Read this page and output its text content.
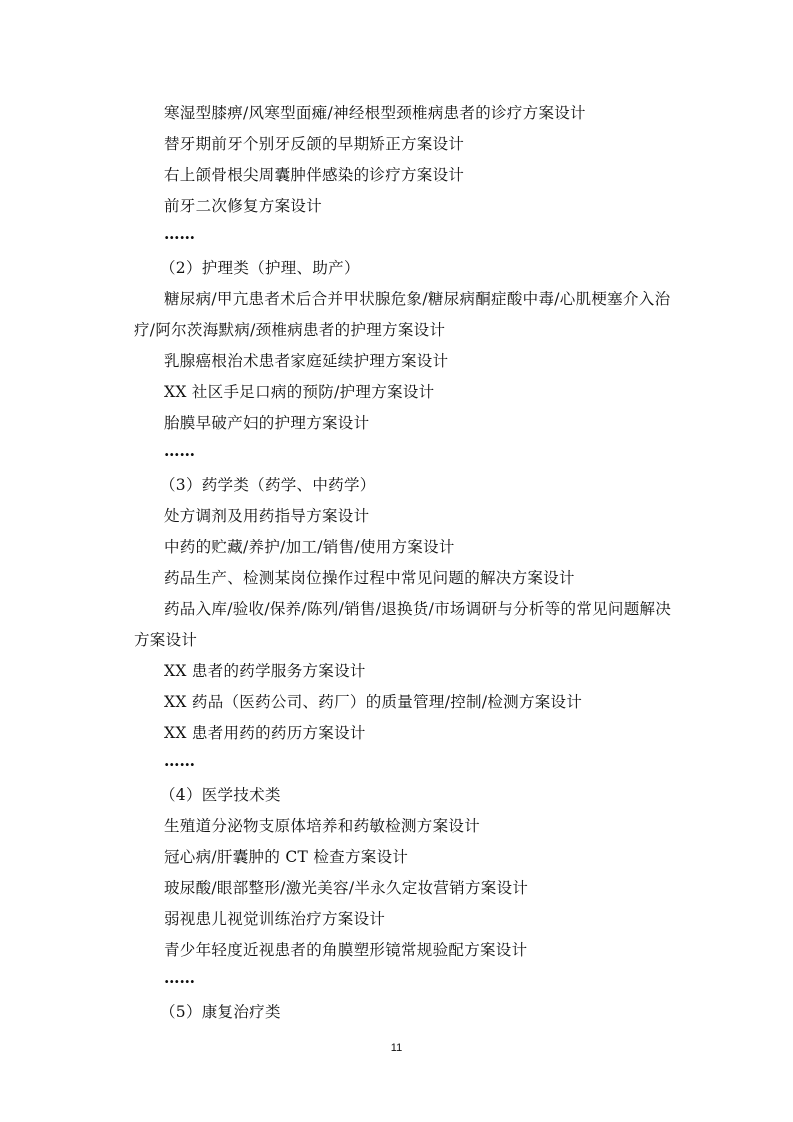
寒湿型膝痹/风寒型面瘫/神经根型颈椎病患者的诊疗方案设计
替牙期前牙个别牙反颌的早期矫正方案设计
右上颌骨根尖周囊肿伴感染的诊疗方案设计
前牙二次修复方案设计
……
（2）护理类（护理、助产）
糖尿病/甲亢患者术后合并甲状腺危象/糖尿病酮症酸中毒/心肌梗塞介入治
疗/阿尔茨海默病/颈椎病患者的护理方案设计
乳腺癌根治术患者家庭延续护理方案设计
XX 社区手足口病的预防/护理方案设计
胎膜早破产妇的护理方案设计
……
（3）药学类（药学、中药学）
处方调剂及用药指导方案设计
中药的贮藏/养护/加工/销售/使用方案设计
药品生产、检测某岗位操作过程中常见问题的解决方案设计
药品入库/验收/保养/陈列/销售/退换货/市场调研与分析等的常见问题解决
方案设计
XX 患者的药学服务方案设计
XX 药品（医药公司、药厂）的质量管理/控制/检测方案设计
XX 患者用药的药历方案设计
……
（4）医学技术类
生殖道分泌物支原体培养和药敏检测方案设计
冠心病/肝囊肿的 CT 检查方案设计
玻尿酸/眼部整形/激光美容/半永久定妆营销方案设计
弱视患儿视觉训练治疗方案设计
青少年轻度近视患者的角膜塑形镜常规验配方案设计
……
（5）康复治疗类
11
